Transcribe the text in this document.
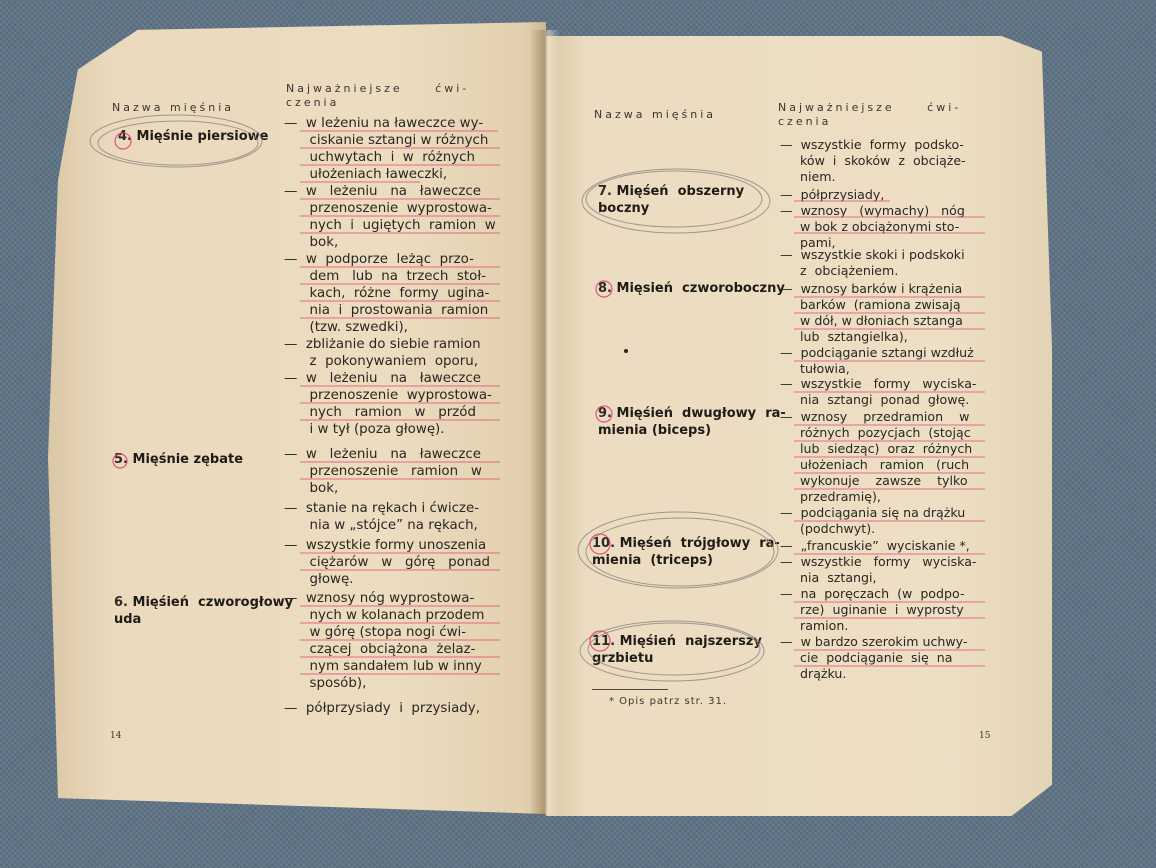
Nazwa mięśnia
Najważniejsze     ćwi-
czenia
4. Mięśnie piersiowe
5. Mięśnie zębate
6. Mięśień  czworogłowy
uda
—  w leżeniu na ławeczce wy-
ciskanie sztangi w różnych
uchwytach  i  w  różnych
ułożeniach ławeczki,
—  w   leżeniu   na   ławeczce
przenoszenie  wyprostowa-
nych  i  ugiętych  ramion  w
bok,
—  w  podporze  leżąc  przo-
dem   lub  na  trzech  stoł-
kach,  różne  formy  ugina-
nia  i  prostowania  ramion
(tzw. szwedki),
—  zbliżanie do siebie ramion
z  pokonywaniem  oporu,
—  w   leżeniu   na   ławeczce
przenoszenie  wyprostowa-
nych   ramion   w   przód
i w tył (poza głowę).
—  w   leżeniu   na   ławeczce
przenoszenie   ramion   w
bok,
—  stanie na rękach i ćwicze-
nia w „stójce” na rękach,
—  wszystkie formy unoszenia
ciężarów   w   górę   ponad
głowę.
—  wznosy nóg wyprostowa-
nych w kolanach przodem
w górę (stopa nogi ćwi-
czącej  obciążona  żelaz-
nym sandałem lub w inny
sposób),
—  półprzysiady  i  przysiady,
14
Nazwa mięśnia
Najważniejsze     ćwi-
czenia
7. Mięśeń  obszerny
boczny
8. Mięsień  czworoboczny
9. Mięśień  dwugłowy  ra-
mienia (biceps)
10. Mięśeń  trójgłowy  ra-
mienia  (triceps)
11. Mięśień  najszerszy
grzbietu
—  wszystkie  formy  podsko-
ków  i  skoków  z  obciąże-
niem.
—  półprzysiady,
—  wznosy   (wymachy)   nóg
w bok z obciążonymi sto-
pami,
—  wszystkie skoki i podskoki
z  obciążeniem.
—  wznosy barków i krążenia
barków  (ramiona zwisają
w dół, w dłoniach sztanga
lub  sztangielka),
—  podciąganie sztangi wzdłuż
tułowia,
—  wszystkie   formy   wyciska-
nia  sztangi  ponad  głowę.
—  wznosy    przedramion    w
różnych  pozycjach  (stojąc
lub  siedząc)  oraz  różnych
ułożeniach   ramion   (ruch
wykonuje    zawsze    tylko
przedramię),
—  podciągania się na drążku
(podchwyt).
—  „francuskie”  wyciskanie *,
—  wszystkie   formy   wyciska-
nia  sztangi,
—  na  poręczach  (w  podpo-
rze)  uginanie  i  wyprosty
ramion.
—  w bardzo szerokim uchwy-
cie  podciąganie  się  na
drążku.
* Opis patrz str. 31.
15
